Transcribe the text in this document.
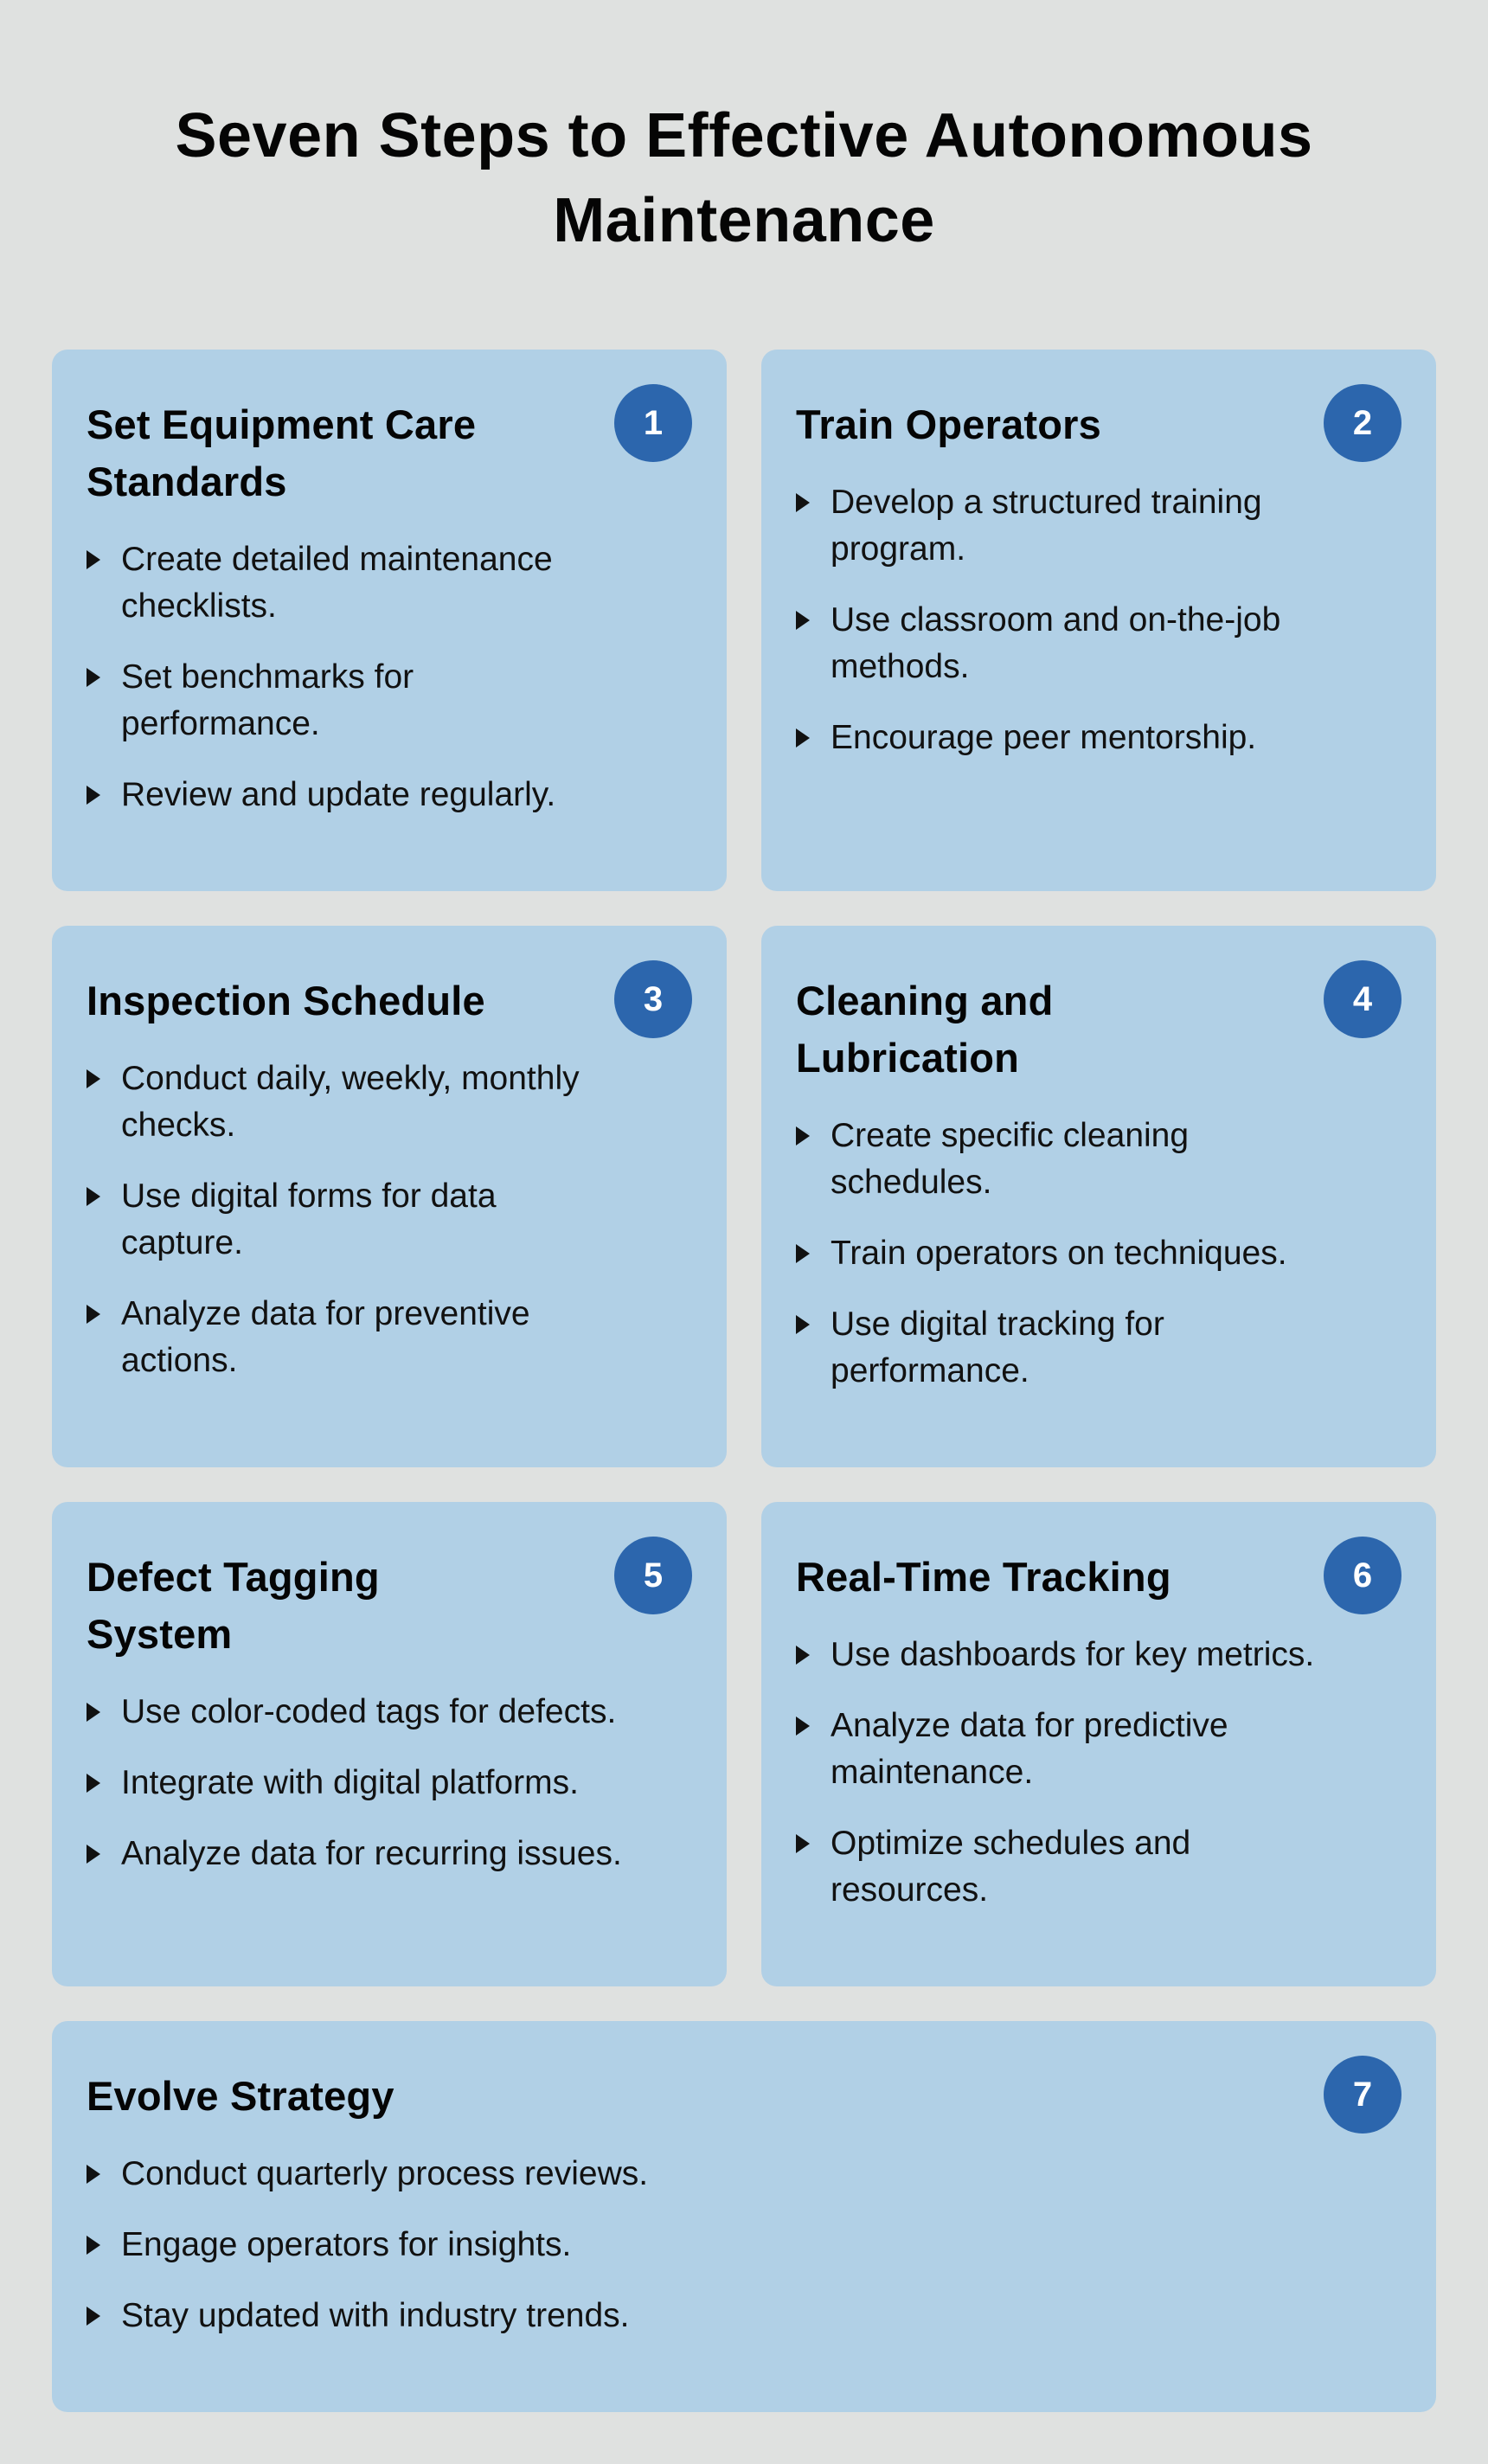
Seven Steps to Effective Autonomous Maintenance
1
Set Equipment Care Standards
Create detailed maintenance checklists.
Set benchmarks for performance.
Review and update regularly.
2
Train Operators
Develop a structured training program.
Use classroom and on-the-job methods.
Encourage peer mentorship.
3
Inspection Schedule
Conduct daily, weekly, monthly checks.
Use digital forms for data capture.
Analyze data for preventive actions.
4
Cleaning and Lubrication
Create specific cleaning schedules.
Train operators on techniques.
Use digital tracking for performance.
5
Defect Tagging System
Use color-coded tags for defects.
Integrate with digital platforms.
Analyze data for recurring issues.
6
Real-Time Tracking
Use dashboards for key metrics.
Analyze data for predictive maintenance.
Optimize schedules and resources.
7
Evolve Strategy
Conduct quarterly process reviews.
Engage operators for insights.
Stay updated with industry trends.
